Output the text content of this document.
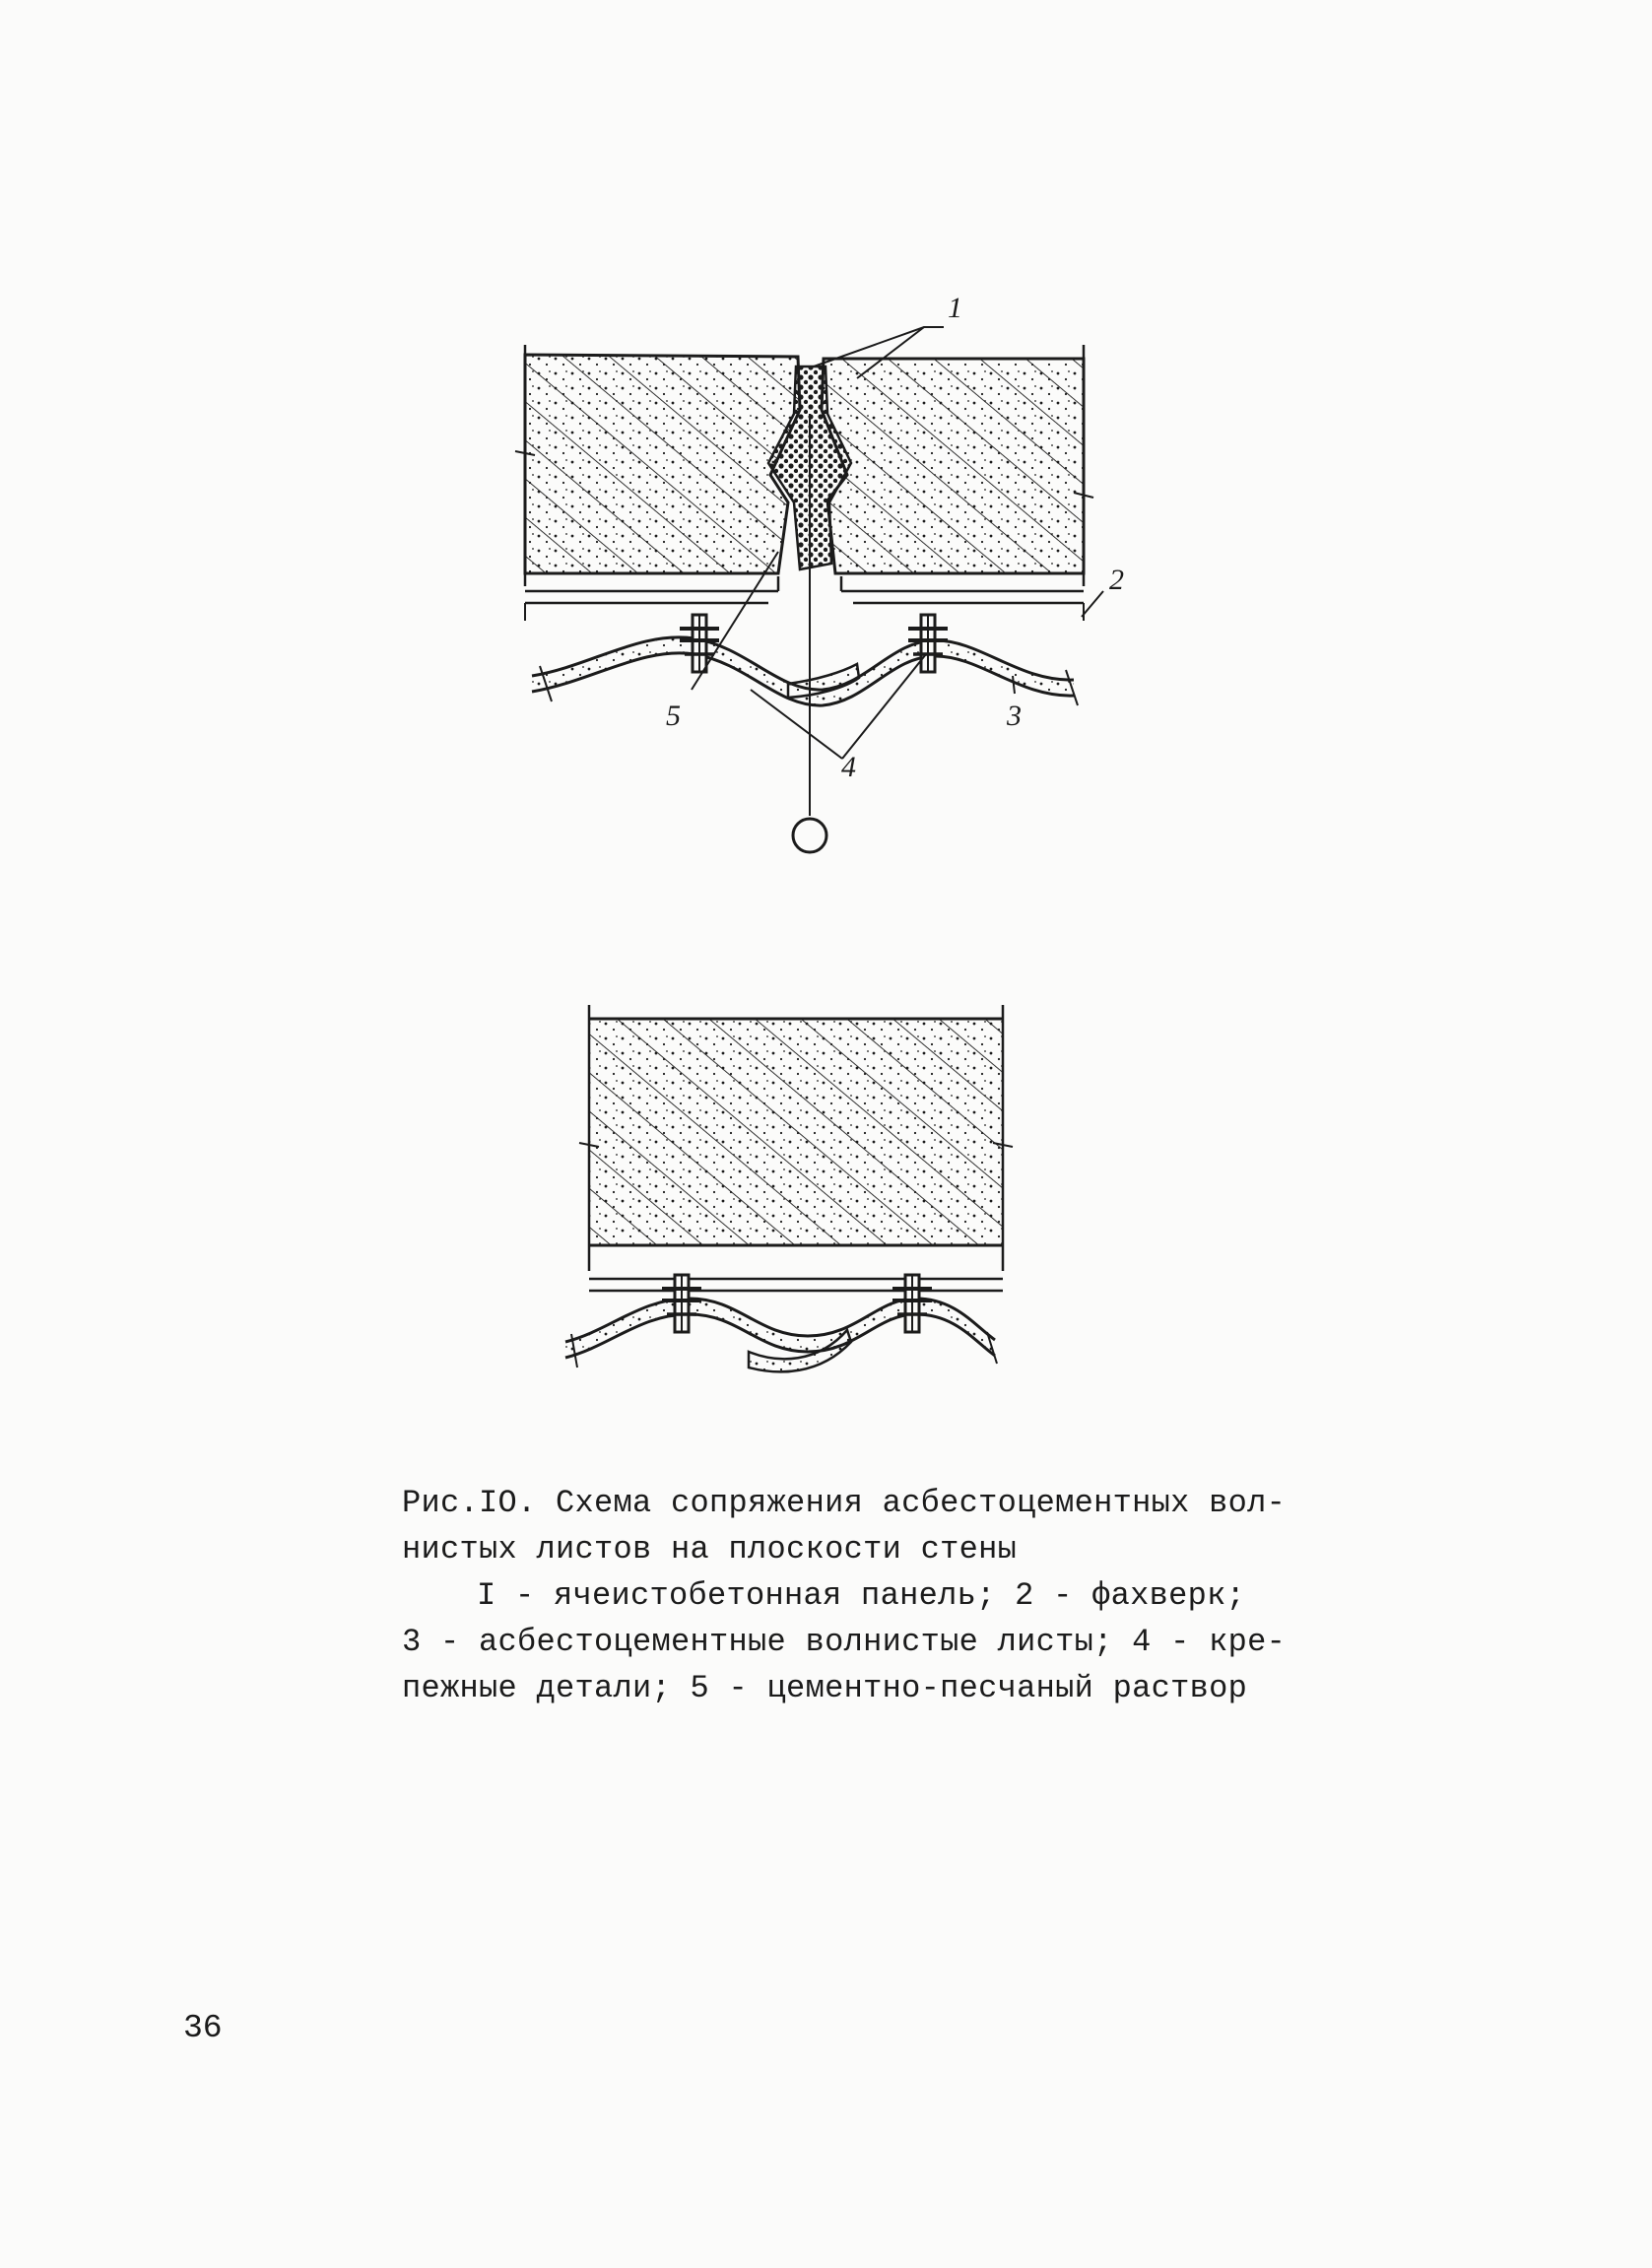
1
2
3
4
5

Рис.IO. Схема сопряжения асбестоцементных вол-

нистых листов на плоскости стены

I - ячеистобетонная панель; 2 - фахверк;

3 - асбестоцементные волнистые листы; 4 - кре-

пежные детали; 5 - цементно-песчаный раствор

36
